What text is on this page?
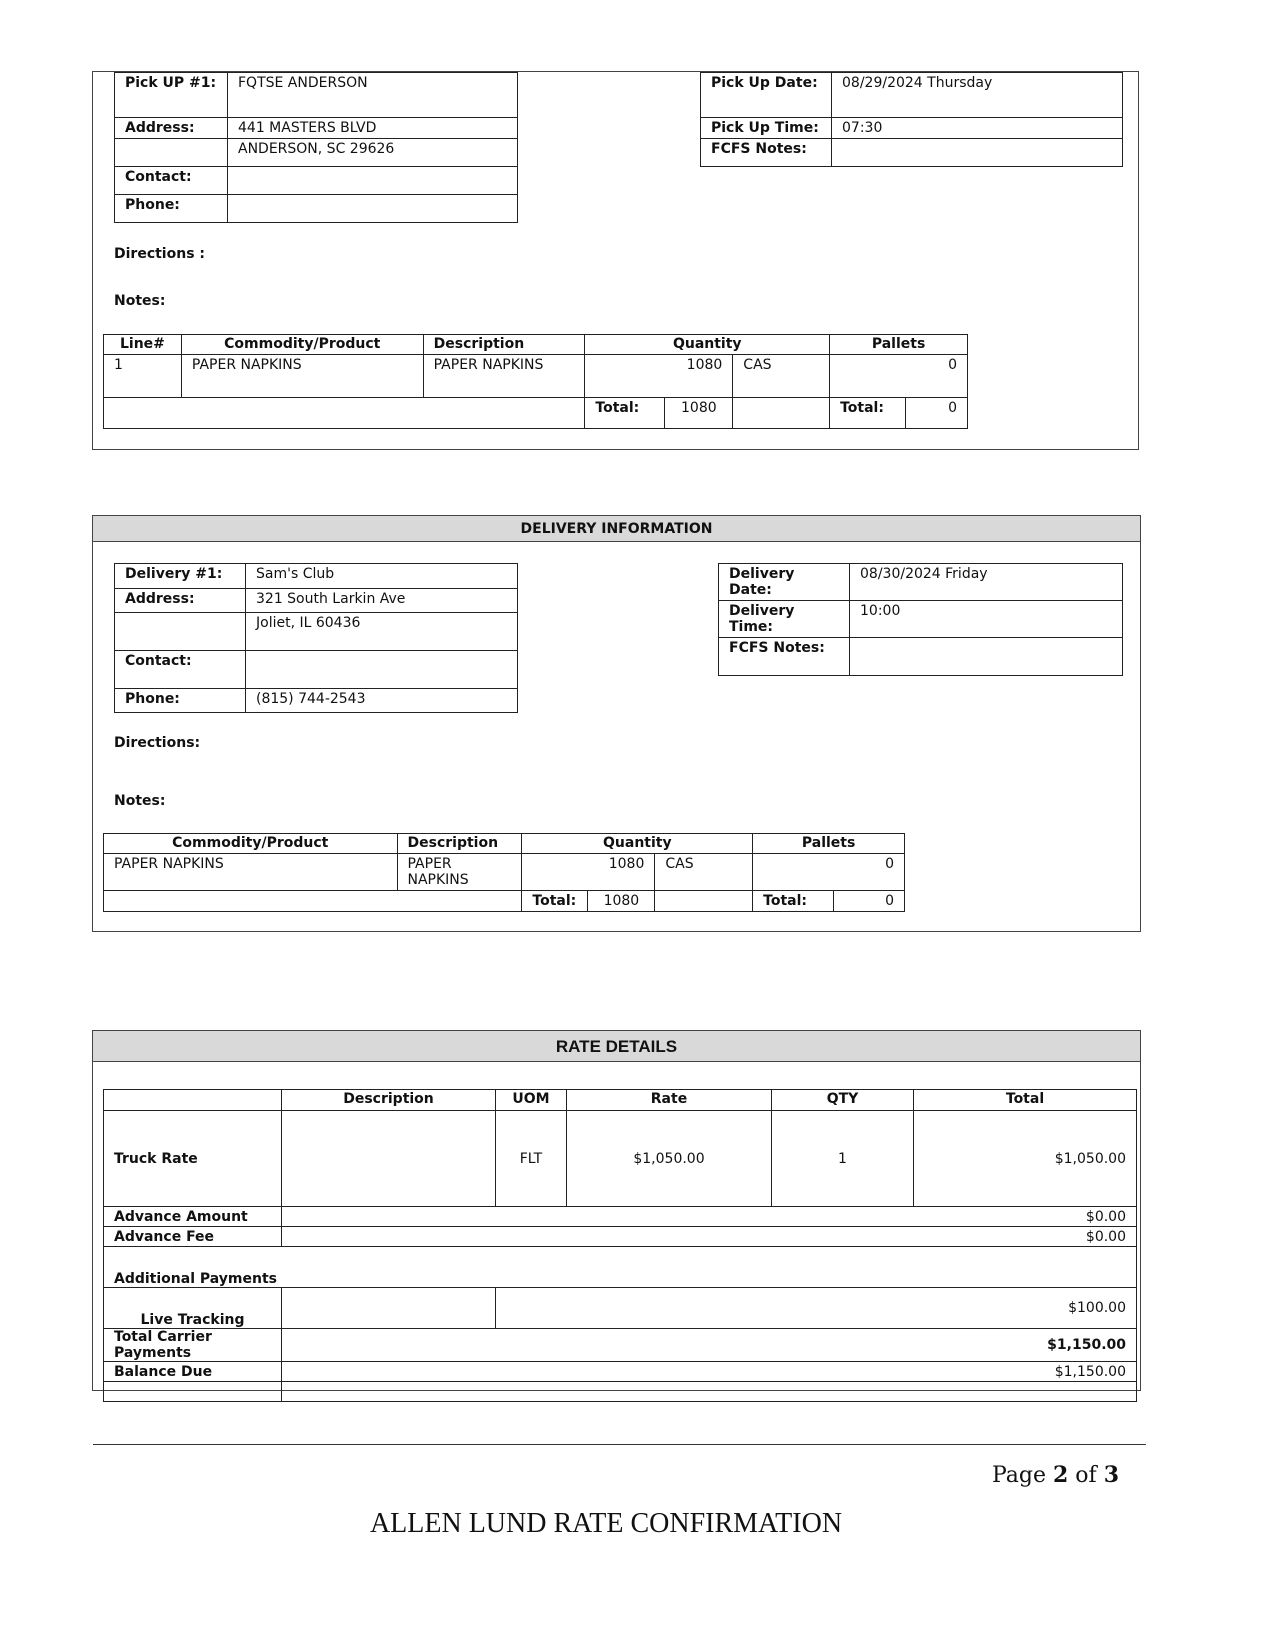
Pick UP #1:	FQTSE ANDERSON
Address:	441 MASTERS BLVD
	ANDERSON, SC 29626
Contact:	
Phone:	
Pick Up Date:	08/29/2024 Thursday
Pick Up Time:	07:30
FCFS Notes:	
Directions :
Notes:
Line#	Commodity/Product	Description	Quantity			Pallets	
1	PAPER NAPKINS	PAPER NAPKINS	1080		CAS	0	
			Total:	1080		Total:	0
DELIVERY INFORMATION
Delivery #1:	Sam's Club
Address:	321 South Larkin Ave
	Joliet, IL 60436
Contact:	
Phone:	(815) 744-2543
Delivery Date:	08/30/2024 Friday
Delivery Time:	10:00
FCFS Notes:	
Directions:
Notes:
Commodity/Product	Description	Quantity			Pallets	
PAPER NAPKINS	PAPER NAPKINS	1080		CAS	0	
		Total:	1080		Total:	0
RATE DETAILS
	Description	UOM	Rate	QTY	Total
Truck Rate		FLT	$1,050.00	1	$1,050.00
Advance Amount	$0.00				
Advance Fee	$0.00				
Additional Payments					
Live Tracking		$100.00			
Total Carrier Payments	$1,150.00				
Balance Due	$1,150.00				

Page 2 of 3
ALLEN LUND RATE CONFIRMATION
